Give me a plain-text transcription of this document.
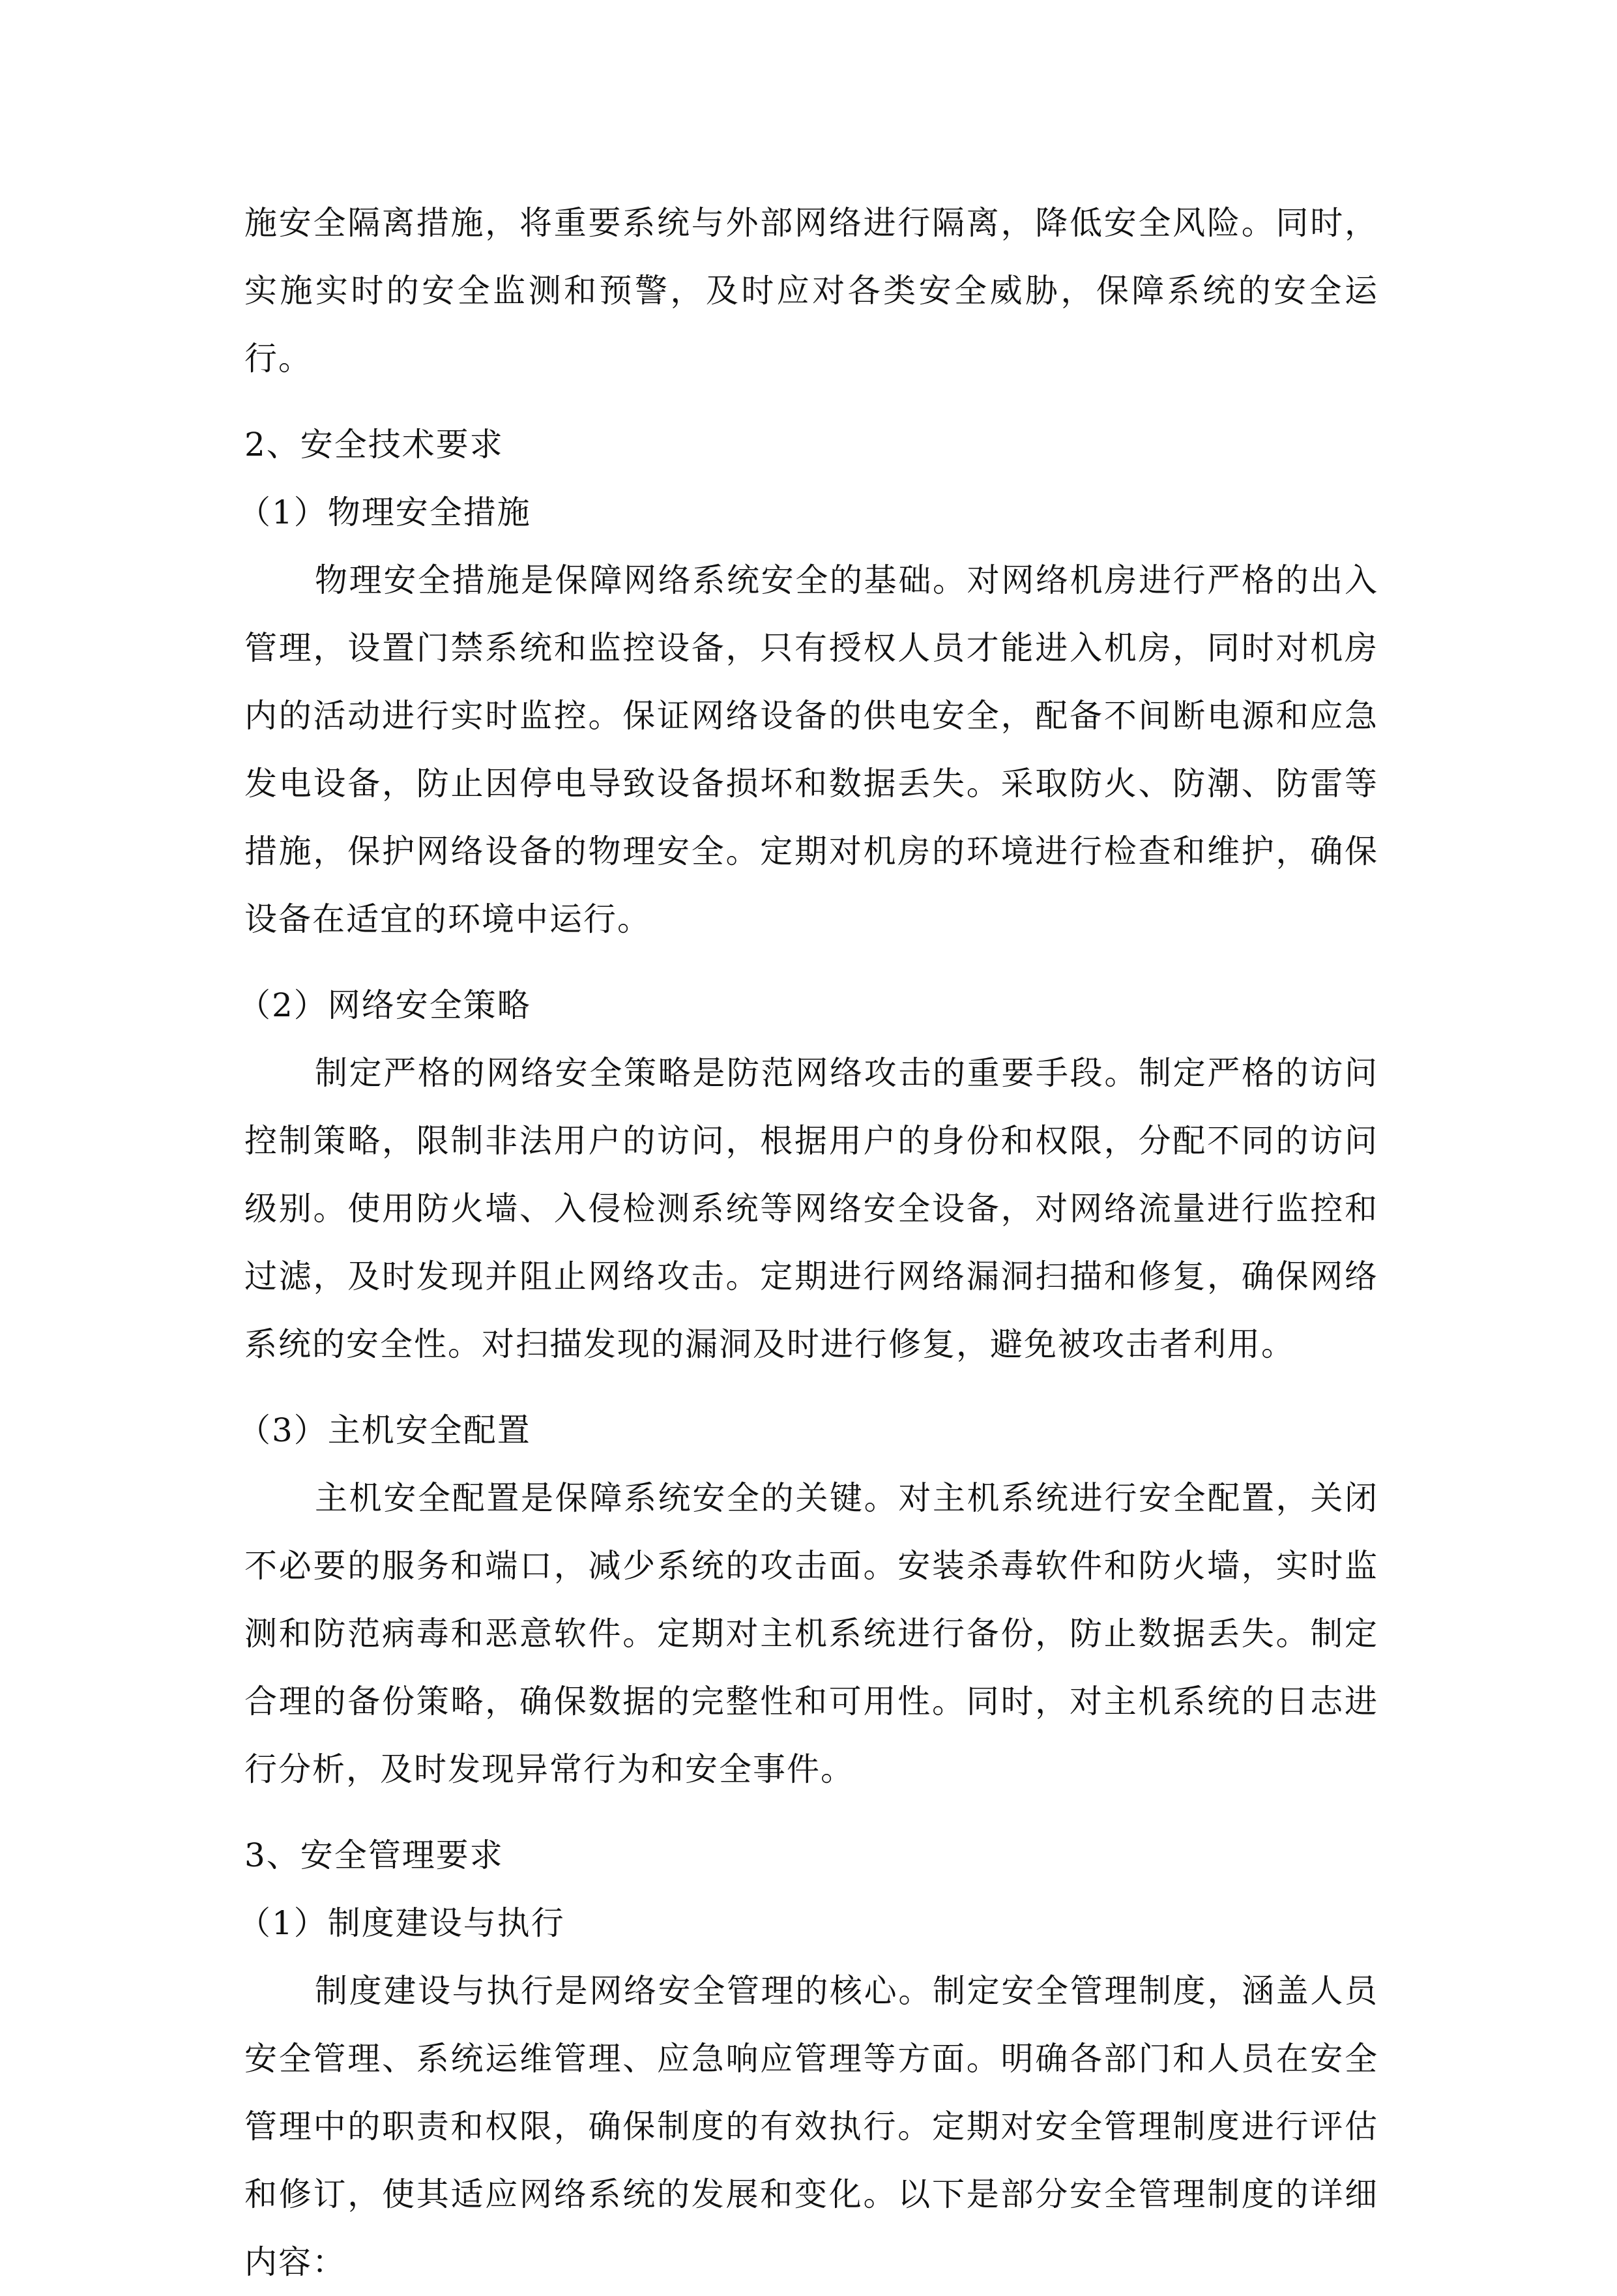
施安全隔离措施，将重要系统与外部网络进行隔离，降低安全风险。同时，实施实时的安全监测和预警，及时应对各类安全威胁，保障系统的安全运行。

2、安全技术要求

（1）物理安全措施

物理安全措施是保障网络系统安全的基础。对网络机房进行严格的出入管理，设置门禁系统和监控设备，只有授权人员才能进入机房，同时对机房内的活动进行实时监控。保证网络设备的供电安全，配备不间断电源和应急发电设备，防止因停电导致设备损坏和数据丢失。采取防火、防潮、防雷等措施，保护网络设备的物理安全。定期对机房的环境进行检查和维护，确保设备在适宜的环境中运行。

（2）网络安全策略

制定严格的网络安全策略是防范网络攻击的重要手段。制定严格的访问控制策略，限制非法用户的访问，根据用户的身份和权限，分配不同的访问级别。使用防火墙、入侵检测系统等网络安全设备，对网络流量进行监控和过滤，及时发现并阻止网络攻击。定期进行网络漏洞扫描和修复，确保网络系统的安全性。对扫描发现的漏洞及时进行修复，避免被攻击者利用。

（3）主机安全配置

主机安全配置是保障系统安全的关键。对主机系统进行安全配置，关闭不必要的服务和端口，减少系统的攻击面。安装杀毒软件和防火墙，实时监测和防范病毒和恶意软件。定期对主机系统进行备份，防止数据丢失。制定合理的备份策略，确保数据的完整性和可用性。同时，对主机系统的日志进行分析，及时发现异常行为和安全事件。

3、安全管理要求

（1）制度建设与执行

制度建设与执行是网络安全管理的核心。制定安全管理制度，涵盖人员安全管理、系统运维管理、应急响应管理等方面。明确各部门和人员在安全管理中的职责和权限，确保制度的有效执行。定期对安全管理制度进行评估和修订，使其适应网络系统的发展和变化。以下是部分安全管理制度的详细内容：
